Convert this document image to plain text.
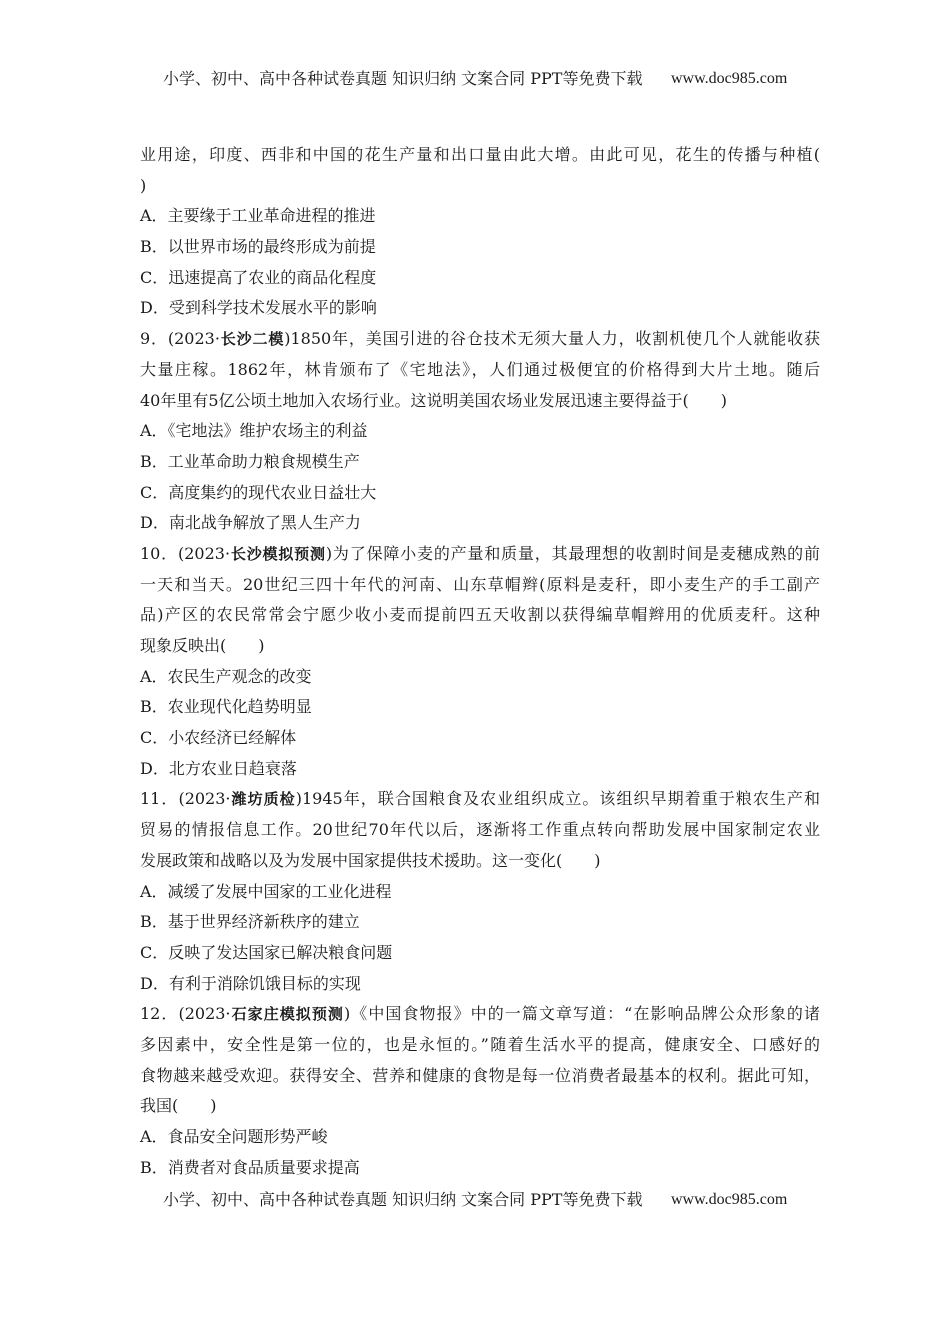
小学、初中、高中各种试卷真题 知识归纳 文案合同 PPT等免费下载 www.doc985.com
业用途，印度、西非和中国的花生产量和出口量由此大增。由此可见，花生的传播与种植(
)
A．主要缘于工业革命进程的推进
B．以世界市场的最终形成为前提
C．迅速提高了农业的商品化程度
D．受到科学技术发展水平的影响
9．(2023·长沙二模)1850年，美国引进的谷仓技术无须大量人力，收割机使几个人就能收获
大量庄稼。1862年，林肯颁布了《宅地法》，人们通过极便宜的价格得到大片土地。随后
40年里有5亿公顷土地加入农场行业。这说明美国农场业发展迅速主要得益于(　　)
A．《宅地法》维护农场主的利益
B．工业革命助力粮食规模生产
C．高度集约的现代农业日益壮大
D．南北战争解放了黑人生产力
10．(2023·长沙模拟预测)为了保障小麦的产量和质量，其最理想的收割时间是麦穗成熟的前
一天和当天。20世纪三四十年代的河南、山东草帽辫(原料是麦秆，即小麦生产的手工副产
品)产区的农民常常会宁愿少收小麦而提前四五天收割以获得编草帽辫用的优质麦秆。这种
现象反映出(　　)
A．农民生产观念的改变
B．农业现代化趋势明显
C．小农经济已经解体
D．北方农业日趋衰落
11．(2023·潍坊质检)1945年，联合国粮食及农业组织成立。该组织早期着重于粮农生产和
贸易的情报信息工作。20世纪70年代以后，逐渐将工作重点转向帮助发展中国家制定农业
发展政策和战略以及为发展中国家提供技术援助。这一变化(　　)
A．减缓了发展中国家的工业化进程
B．基于世界经济新秩序的建立
C．反映了发达国家已解决粮食问题
D．有利于消除饥饿目标的实现
12．(2023·石家庄模拟预测)《中国食物报》中的一篇文章写道：“在影响品牌公众形象的诸
多因素中，安全性是第一位的，也是永恒的。”随着生活水平的提高，健康安全、口感好的
食物越来越受欢迎。获得安全、营养和健康的食物是每一位消费者最基本的权利。据此可知，
我国(　　)
A．食品安全问题形势严峻
B．消费者对食品质量要求提高
小学、初中、高中各种试卷真题 知识归纳 文案合同 PPT等免费下载 www.doc985.com
